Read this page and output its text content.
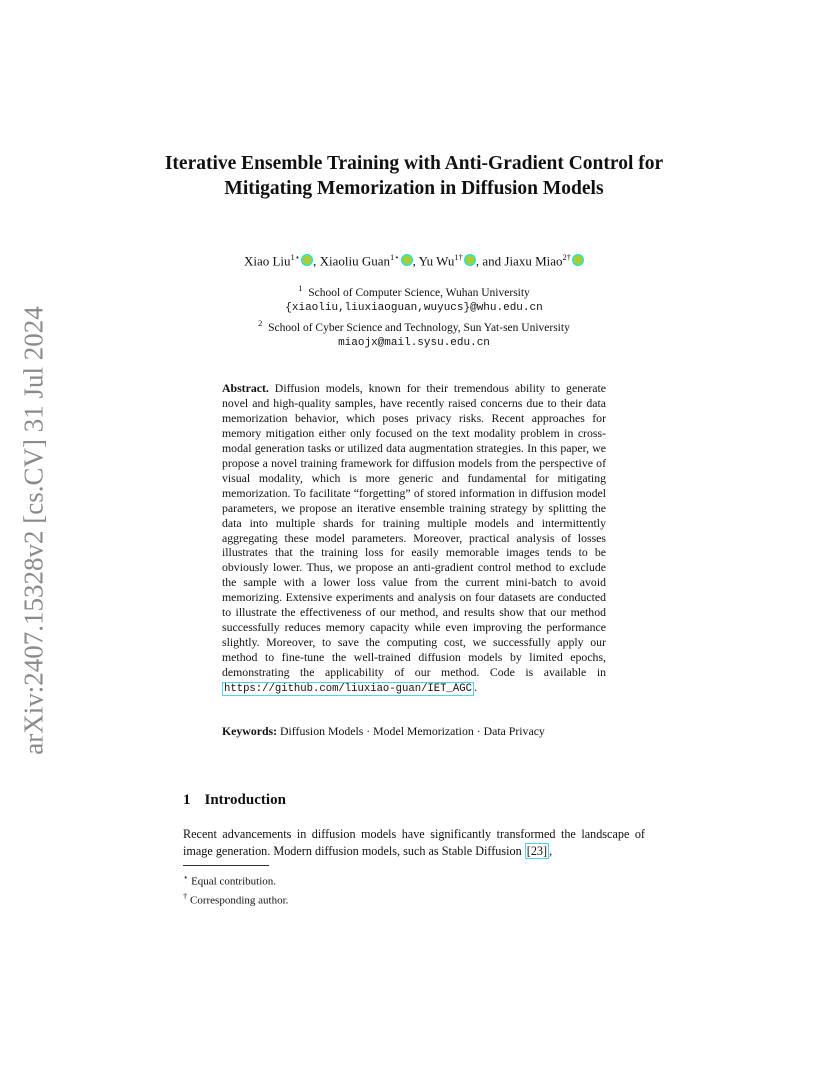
arXiv:2407.15328v2 [cs.CV] 31 Jul 2024
Iterative Ensemble Training with Anti-Gradient Control for Mitigating Memorization in Diffusion Models
Xiao Liu$^{1⋆}$ , Xiaoliu Guan$^{1⋆}$ , Yu $Wu^{1\dagger}$ , and Jiaxu Miao$^{2\dagger}$
$^1$ School of Computer Science, Wuhan University
{xiaoliu,liuxiaoguan,wuyucs}@whu.edu.cn
$^2$ School of Cyber Science and Technology, Sun Yat-sen University
miaojx@mail.sysu.edu.cn

Abstract. Diffusion models, known for their tremendous ability to generate novel and high-quality samples, have recently raised concerns due to their data memorization behavior, which poses privacy risks. Recent approaches for memory mitigation either only focused on the text modality problem in cross-modal generation tasks or utilized data augmentation strategies. In this paper, we propose a novel training framework for diffusion models from the perspective of visual modality, which is more generic and fundamental for mitigating memorization. To facilitate “forgetting” of stored information in diffusion model parameters, we propose an iterative ensemble training strategy by splitting the data into multiple shards for training multiple models and intermittently aggregating these model parameters. Moreover, practical analysis of losses illustrates that the training loss for easily memorable images tends to be obviously lower. Thus, we propose an anti-gradient control method to exclude the sample with a lower loss value from the current mini-batch to avoid memorizing. Extensive experiments and analysis on four datasets are conducted to illustrate the effectiveness of our method, and results show that our method successfully reduces memory capacity while even improving the performance slightly. Moreover, to save the computing cost, we successfully apply our method to fine-tune the well-trained diffusion models by limited epochs, demonstrating the applicability of our method. Code is available in https://github.com/liuxiao-guan/IET_AGC .

Keywords: Diffusion Models · Model Memorization · Data Privacy
1 Introduction

Recent advancements in diffusion models have significantly transformed the landscape of image generation. Modern diffusion models, such as Stable Diffusion [23] ,

⋆ Equal contribution.
† Corresponding author.
